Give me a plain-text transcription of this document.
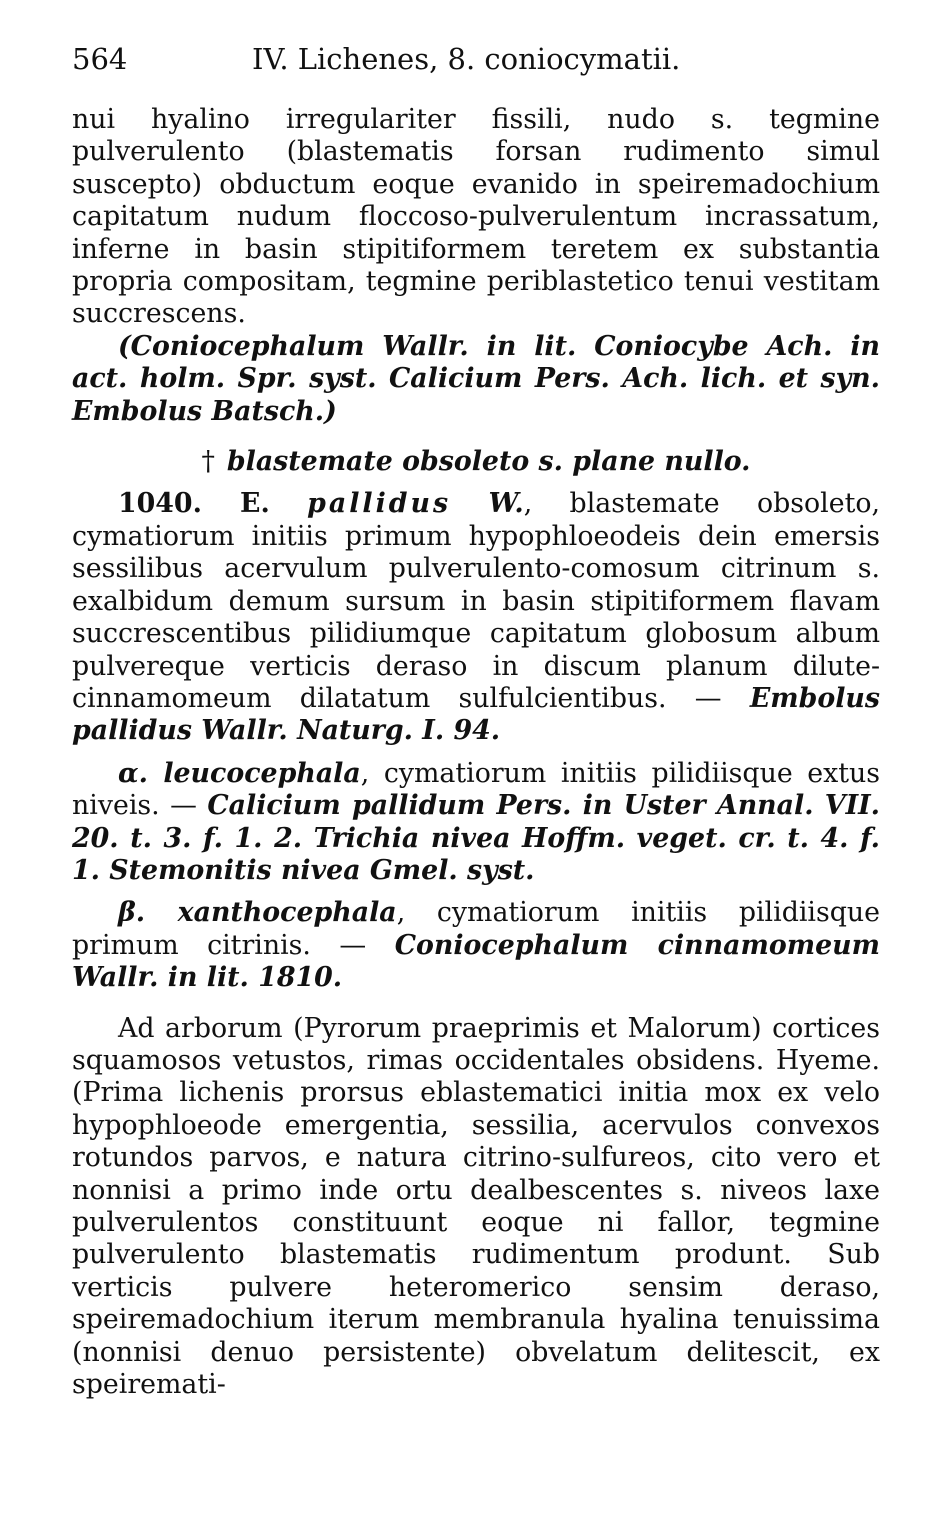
564	IV. Lichenes, 8. coniocymatii.

nui hyalino irregulariter fissili, nudo s. tegmine pulverulento (blastematis forsan rudimento simul suscepto) obductum eoque evanido in speiremadochium capitatum nudum floccoso-pulverulentum incrassatum, inferne in basin stipitiformem teretem ex substantia propria compositam, tegmine periblastetico tenui vestitam succrescens.

(Coniocephalum Wallr. in lit. Coniocybe Ach. in act. holm. Spr. syst. Calicium Pers. Ach. lich. et syn. Embolus Batsch.)

† blastemate obsoleto s. plane nullo.

1040. E. pallidus W., blastemate obsoleto, cymatiorum initiis primum hypophloeodeis dein emersis sessilibus acervulum pulverulento-comosum citrinum s. exalbidum demum sursum in basin stipitiformem flavam succrescentibus pilidiumque capitatum globosum album pulvereque verticis deraso in discum planum dilute-cinnamomeum dilatatum sulfulcientibus. — Embolus pallidus Wallr. Naturg. I. 94.

α. leucocephala, cymatiorum initiis pilidiisque extus niveis. — Calicium pallidum Pers. in Uster Annal. VII. 20. t. 3. f. 1. 2. Trichia nivea Hoffm. veget. cr. t. 4. f. 1. Stemonitis nivea Gmel. syst.

β. xanthocephala, cymatiorum initiis pilidiisque primum citrinis. — Coniocephalum cinnamomeum Wallr. in lit. 1810.

Ad arborum (Pyrorum praeprimis et Malorum) cortices squamosos vetustos, rimas occidentales obsidens. Hyeme. (Prima lichenis prorsus eblastematici initia mox ex velo hypophloeode emergentia, sessilia, acervulos convexos rotundos parvos, e natura citrino-sulfureos, cito vero et nonnisi a primo inde ortu dealbescentes s. niveos laxe pulverulentos constituunt eoque ni fallor, tegmine pulverulento blastematis rudimentum produnt. Sub verticis pulvere heteromerico sensim deraso, speiremadochium iterum membranula hyalina tenuissima (nonnisi denuo persistente) obvelatum delitescit, ex speiremati-
